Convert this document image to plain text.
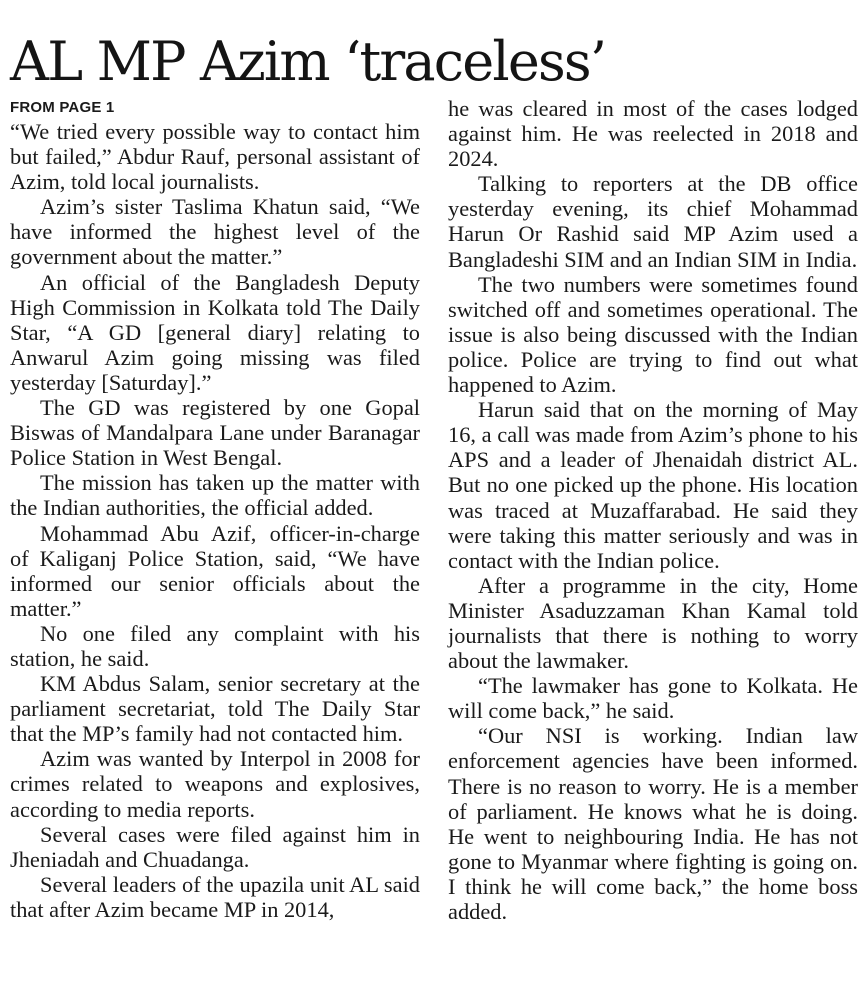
AL MP Azim ‘traceless’
FROM PAGE 1

“We tried every possible way to contact him but failed,” Abdur Rauf, personal assistant of Azim, told local journalists.

Azim’s sister Taslima Khatun said, “We have informed the highest level of the government about the matter.”

An official of the Bangladesh Deputy High Commission in Kolkata told The Daily Star, “A GD [general diary] relating to Anwarul Azim going missing was filed yesterday [Saturday].”

The GD was registered by one Gopal Biswas of Mandalpara Lane under Baranagar Police Station in West Bengal.

The mission has taken up the matter with the Indian authorities, the official added.

Mohammad Abu Azif, officer-in-charge of Kaliganj Police Station, said, “We have informed our senior officials about the matter.”

No one filed any complaint with his station, he said.

KM Abdus Salam, senior secretary at the parliament secretariat, told The Daily Star that the MP’s family had not contacted him.

Azim was wanted by Interpol in 2008 for crimes related to weapons and explosives, according to media reports.

Several cases were filed against him in Jheniadah and Chuadanga.

Several leaders of the upazila unit AL said that after Azim became MP in 2014,

he was cleared in most of the cases lodged against him. He was reelected in 2018 and 2024.

Talking to reporters at the DB office yesterday evening, its chief Mohammad Harun Or Rashid said MP Azim used a Bangladeshi SIM and an Indian SIM in India.

The two numbers were sometimes found switched off and sometimes operational. The issue is also being discussed with the Indian police. Police are trying to find out what happened to Azim.

Harun said that on the morning of May 16, a call was made from Azim’s phone to his APS and a leader of Jhenaidah district AL. But no one picked up the phone. His location was traced at Muzaffarabad. He said they were taking this matter seriously and was in contact with the Indian police.

After a programme in the city, Home Minister Asaduzzaman Khan Kamal told journalists that there is nothing to worry about the lawmaker.

“The lawmaker has gone to Kolkata. He will come back,” he said.

“Our NSI is working. Indian law enforcement agencies have been informed. There is no reason to worry. He is a member of parliament. He knows what he is doing. He went to neighbouring India. He has not gone to Myanmar where fighting is going on. I think he will come back,” the home boss added.
